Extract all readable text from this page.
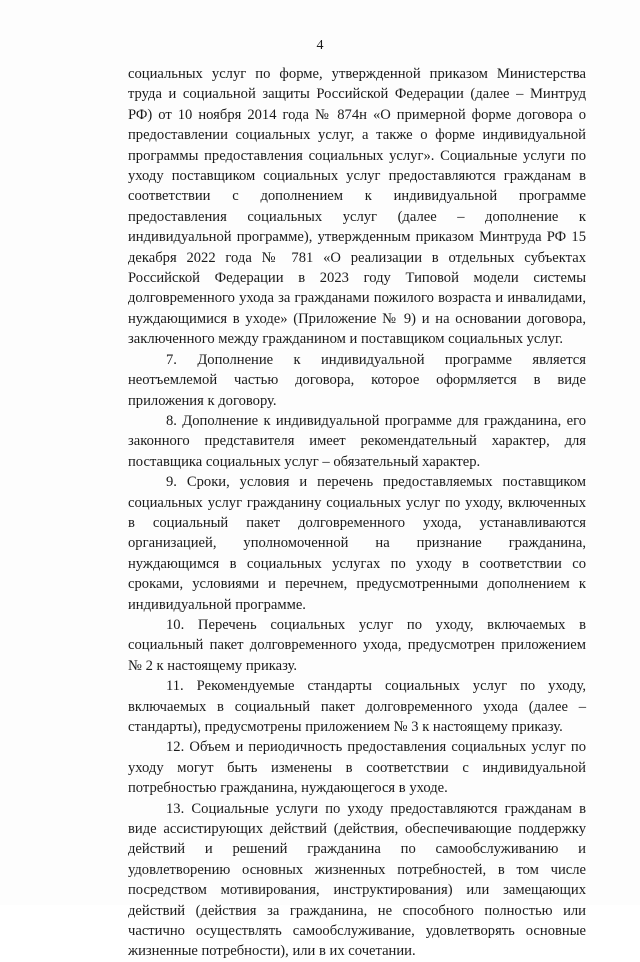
4

социальных услуг по форме, утвержденной приказом Министерства труда и социальной защиты Российской Федерации (далее – Минтруд РФ) от 10 ноября 2014 года № 874н «О примерной форме договора о предоставлении социальных услуг, а также о форме индивидуальной программы предоставления социальных услуг». Социальные услуги по уходу поставщиком социальных услуг предоставляются гражданам в соответствии с дополнением к индивидуальной программе предоставления социальных услуг (далее – дополнение к индивидуальной программе), утвержденным приказом Минтруда РФ 15 декабря 2022 года № 781 «О реализации в отдельных субъектах Российской Федерации в 2023 году Типовой модели системы долговременного ухода за гражданами пожилого возраста и инвалидами, нуждающимися в уходе» (Приложение № 9) и на основании договора, заключенного между гражданином и поставщиком социальных услуг.

7. Дополнение к индивидуальной программе является неотъемлемой частью договора, которое оформляется в виде приложения к договору.

8. Дополнение к индивидуальной программе для гражданина, его законного представителя имеет рекомендательный характер, для поставщика социальных услуг – обязательный характер.

9. Сроки, условия и перечень предоставляемых поставщиком социальных услуг гражданину социальных услуг по уходу, включенных в социальный пакет долговременного ухода, устанавливаются организацией, уполномоченной на признание гражданина, нуждающимся в социальных услугах по уходу в соответствии со сроками, условиями и перечнем, предусмотренными дополнением к индивидуальной программе.

10. Перечень социальных услуг по уходу, включаемых в социальный пакет долговременного ухода, предусмотрен приложением № 2 к настоящему приказу.

11. Рекомендуемые стандарты социальных услуг по уходу, включаемых в социальный пакет долговременного ухода (далее – стандарты), предусмотрены приложением № 3 к настоящему приказу.

12. Объем и периодичность предоставления социальных услуг по уходу могут быть изменены в соответствии с индивидуальной потребностью гражданина, нуждающегося в уходе.

13. Социальные услуги по уходу предоставляются гражданам в виде ассистирующих действий (действия, обеспечивающие поддержку действий и решений гражданина по самообслуживанию и удовлетворению основных жизненных потребностей, в том числе посредством мотивирования, инструктирования) или замещающих действий (действия за гражданина, не способного полностью или частично осуществлять самообслуживание, удовлетворять основные жизненные потребности), или в их сочетании.
